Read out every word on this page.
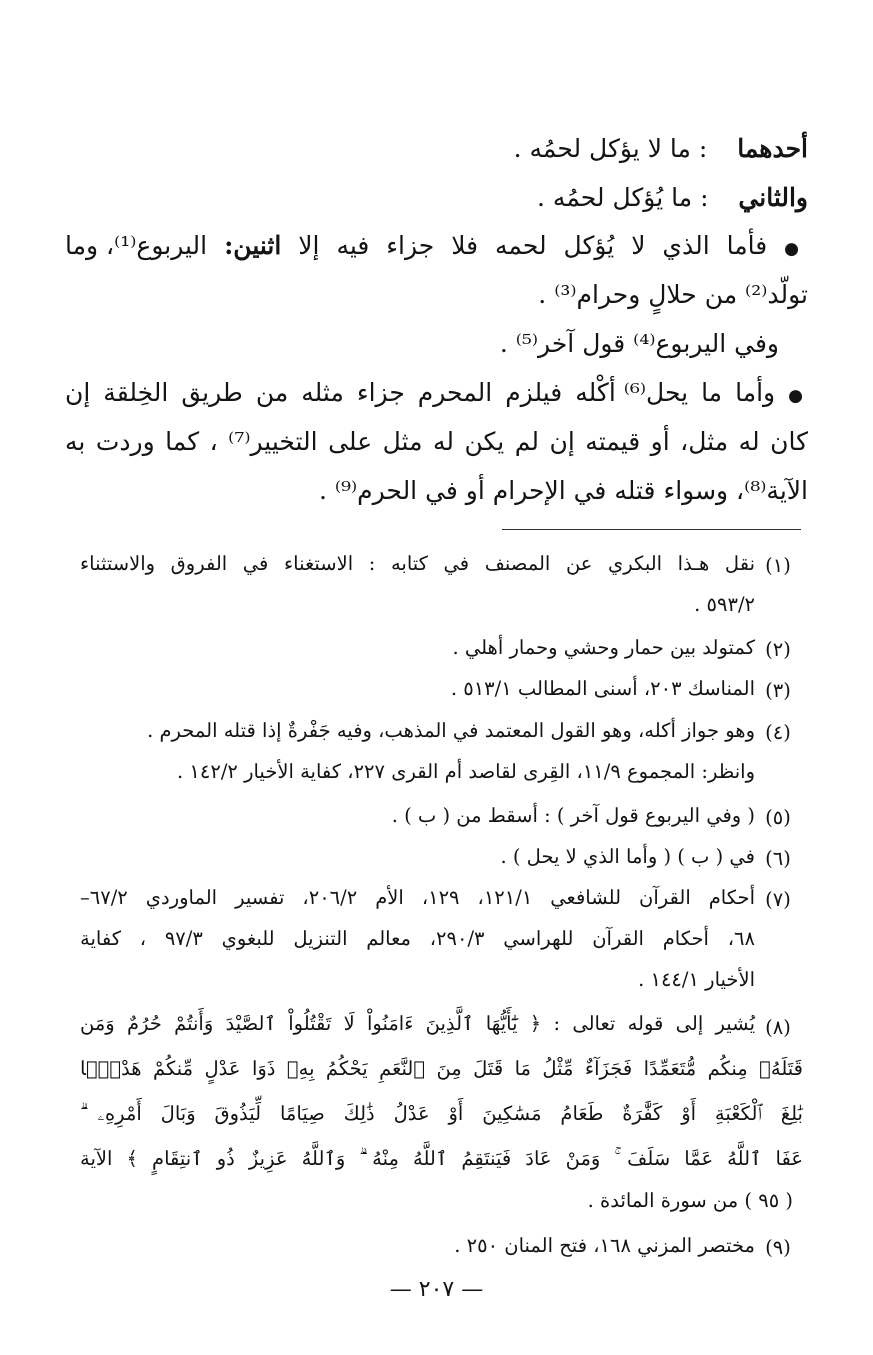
أحدهما  : ما لا يؤكل لحمُه .
والثاني  : ما يُؤكل لحمُه .
● فأما الذي لا يُؤكل لحمه فلا جزاء فيه إلا اثنين: اليربوع⁽¹⁾، وما
تولّد⁽²⁾ من حلالٍ وحرام⁽³⁾ .
وفي اليربوع⁽⁴⁾ قول آخر⁽⁵⁾ .
● وأما ما يحل⁽⁶⁾ أكْله فيلزم المحرم جزاء مثله من طريق الخِلقة إن
كان له مثل، أو قيمته إن لم يكن له مثل على التخيير⁽⁷⁾ ، كما وردت به
الآية⁽⁸⁾، وسواء قتله في الإحرام أو في الحرم⁽⁹⁾ .
(١)
نقل هـذا البكري عن المصنف في كتابه : الاستغناء في الفروق والاستثناء
٥٩٣/٢ .
(٢)
كمتولد بين حمار وحشي وحمار أهلي .
(٣)
المناسك ٢٠٣، أسنى المطالب ٥١٣/١ .
(٤)
وهو جواز أكله، وهو القول المعتمد في المذهب، وفيه جَفْرةٌ إذا قتله المحرم .
وانظر: المجموع ١١/٩، القِرى لقاصد أم القرى ٢٢٧، كفاية الأخيار ١٤٢/٢ .
(٥)
( وفي اليربوع قول آخر ) : أسقط من ( ب ) .
(٦)
في ( ب ) ( وأما الذي لا يحل ) .
(٧)
أحكام القرآن للشافعي ١٢١/١، ١٢٩، الأم ٢٠٦/٢، تفسير الماوردي ٦٧/٢–
٦٨، أحكام القرآن للهراسي ٢٩٠/٣، معالم التنزيل للبغوي ٩٧/٣ ، كفاية
الأخيار ١٤٤/١ .
(٨)
يُشير إلى قوله تعالى : ﴿ يَٰٓأَيُّهَا ٱلَّذِينَ ءَامَنُواْ لَا تَقْتُلُواْ ٱلصَّيْدَ وَأَنتُمْ حُرُمٌ وَمَن
قَتَلَهُۥ مِنكُم مُّتَعَمِّدًا فَجَزَآءٌ مِّثْلُ مَا قَتَلَ مِنَ ٱلنَّعَمِ يَحْكُمُ بِهِۦ ذَوَا عَدْلٍ مِّنكُمْ هَدْيًۢا
بَٰلِغَ ٱلْكَعْبَةِ أَوْ كَفَّٰرَةٌ طَعَامُ مَسَٰكِينَ أَوْ عَدْلُ ذَٰلِكَ صِيَامًا لِّيَذُوقَ وَبَالَ أَمْرِهِۦ ۗ
عَفَا ٱللَّهُ عَمَّا سَلَفَ ۚ وَمَنْ عَادَ فَيَنتَقِمُ ٱللَّهُ مِنْهُ ۗ وَٱللَّهُ عَزِيزٌ ذُو ٱنتِقَامٍ ﴾ الآية
( ٩٥ ) من سورة المائدة .
(٩)
مختصر المزني ١٦٨، فتح المنان ٢٥٠ .
— ٢٠٧ —
